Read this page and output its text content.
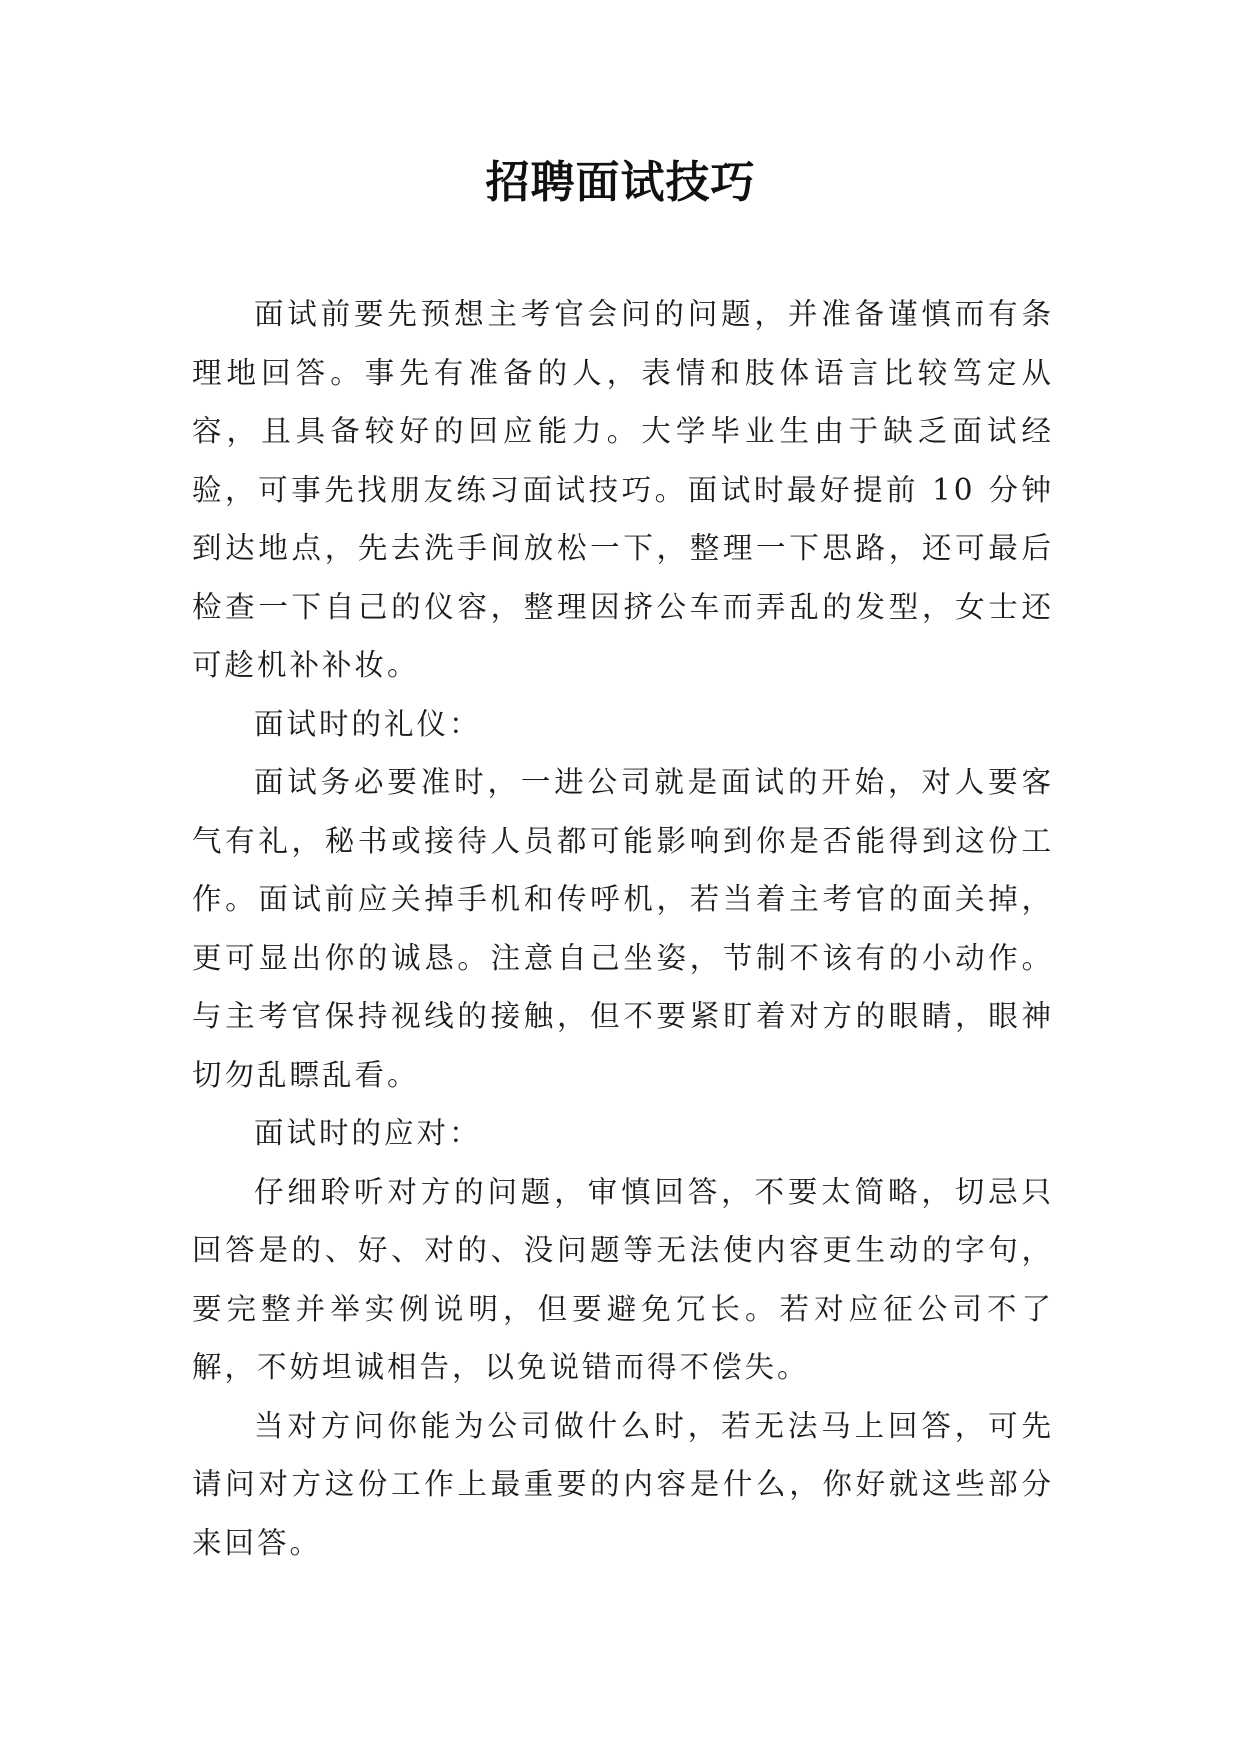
招聘面试技巧

面试前要先预想主考官会问的问题，并准备谨慎而有条理地回答。事先有准备的人，表情和肢体语言比较笃定从容，且具备较好的回应能力。大学毕业生由于缺乏面试经验，可事先找朋友练习面试技巧。面试时最好提前 10 分钟到达地点，先去洗手间放松一下，整理一下思路，还可最后检查一下自己的仪容，整理因挤公车而弄乱的发型，女士还可趁机补补妆。

面试时的礼仪：

面试务必要准时，一进公司就是面试的开始，对人要客气有礼，秘书或接待人员都可能影响到你是否能得到这份工作。面试前应关掉手机和传呼机，若当着主考官的面关掉，更可显出你的诚恳。注意自己坐姿，节制不该有的小动作。与主考官保持视线的接触，但不要紧盯着对方的眼睛，眼神切勿乱瞟乱看。

面试时的应对：

仔细聆听对方的问题，审慎回答，不要太简略，切忌只回答是的、好、对的、没问题等无法使内容更生动的字句，要完整并举实例说明，但要避免冗长。若对应征公司不了解，不妨坦诚相告，以免说错而得不偿失。

当对方问你能为公司做什么时，若无法马上回答，可先请问对方这份工作上最重要的内容是什么，你好就这些部分来回答。
